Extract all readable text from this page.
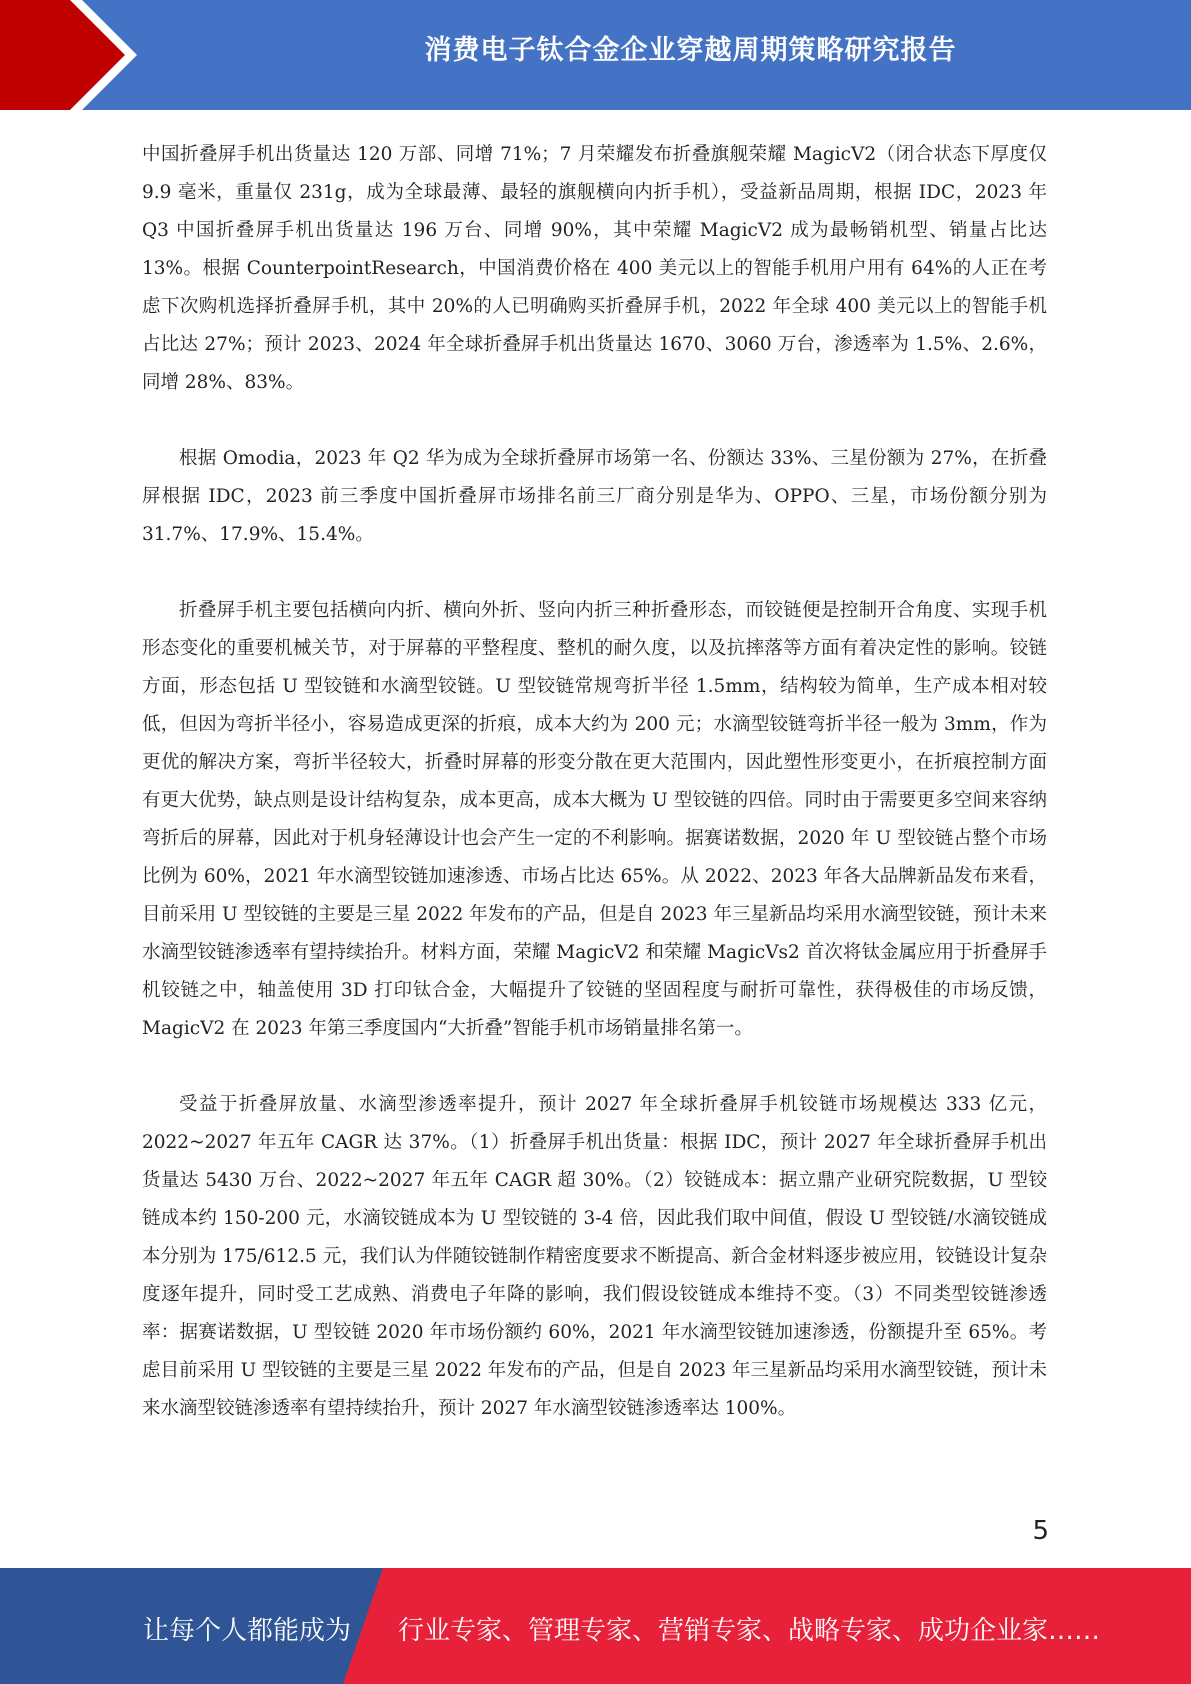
消费电子钛合金企业穿越周期策略研究报告

中国折叠屏手机出货量达 120 万部、同增 71%；7 月荣耀发布折叠旗舰荣耀 MagicV2（闭合状态下厚度仅 9.9 毫米，重量仅 231g，成为全球最薄、最轻的旗舰横向内折手机），受益新品周期，根据 IDC，2023 年 Q3 中国折叠屏手机出货量达 196 万台、同增 90%，其中荣耀 MagicV2 成为最畅销机型、销量占比达 13%。根据 CounterpointResearch，中国消费价格在 400 美元以上的智能手机用户用有 64%的人正在考虑下次购机选择折叠屏手机，其中 20%的人已明确购买折叠屏手机，2022 年全球 400 美元以上的智能手机占比达 27%；预计 2023、2024 年全球折叠屏手机出货量达 1670、3060 万台，渗透率为 1.5%、2.6%，同增 28%、83%。

根据 Omodia，2023 年 Q2 华为成为全球折叠屏市场第一名、份额达 33%、三星份额为 27%，在折叠屏根据 IDC，2023 前三季度中国折叠屏市场排名前三厂商分别是华为、OPPO、三星，市场份额分别为 31.7%、17.9%、15.4%。

折叠屏手机主要包括横向内折、横向外折、竖向内折三种折叠形态，而铰链便是控制开合角度、实现手机形态变化的重要机械关节，对于屏幕的平整程度、整机的耐久度，以及抗摔落等方面有着决定性的影响。铰链方面，形态包括 U 型铰链和水滴型铰链。U 型铰链常规弯折半径 1.5mm，结构较为简单，生产成本相对较低，但因为弯折半径小，容易造成更深的折痕，成本大约为 200 元；水滴型铰链弯折半径一般为 3mm，作为更优的解决方案，弯折半径较大，折叠时屏幕的形变分散在更大范围内，因此塑性形变更小，在折痕控制方面有更大优势，缺点则是设计结构复杂，成本更高，成本大概为 U 型铰链的四倍。同时由于需要更多空间来容纳弯折后的屏幕，因此对于机身轻薄设计也会产生一定的不利影响。据赛诺数据，2020 年 U 型铰链占整个市场比例为 60%，2021 年水滴型铰链加速渗透、市场占比达 65%。从 2022、2023 年各大品牌新品发布来看，目前采用 U 型铰链的主要是三星 2022 年发布的产品，但是自 2023 年三星新品均采用水滴型铰链，预计未来水滴型铰链渗透率有望持续抬升。材料方面，荣耀 MagicV2 和荣耀 MagicVs2 首次将钛金属应用于折叠屏手机铰链之中，轴盖使用 3D 打印钛合金，大幅提升了铰链的坚固程度与耐折可靠性，获得极佳的市场反馈，MagicV2 在 2023 年第三季度国内“大折叠”智能手机市场销量排名第一。

受益于折叠屏放量、水滴型渗透率提升，预计 2027 年全球折叠屏手机铰链市场规模达 333 亿元，2022~2027 年五年 CAGR 达 37%。（1）折叠屏手机出货量：根据 IDC，预计 2027 年全球折叠屏手机出货量达 5430 万台、2022~2027 年五年 CAGR 超 30%。（2）铰链成本：据立鼎产业研究院数据，U 型铰链成本约 150-200 元，水滴铰链成本为 U 型铰链的 3-4 倍，因此我们取中间值，假设 U 型铰链/水滴铰链成本分别为 175/612.5 元，我们认为伴随铰链制作精密度要求不断提高、新合金材料逐步被应用，铰链设计复杂度逐年提升，同时受工艺成熟、消费电子年降的影响，我们假设铰链成本维持不变。（3）不同类型铰链渗透率：据赛诺数据，U 型铰链 2020 年市场份额约 60%，2021 年水滴型铰链加速渗透，份额提升至 65%。考虑目前采用 U 型铰链的主要是三星 2022 年发布的产品，但是自 2023 年三星新品均采用水滴型铰链，预计未来水滴型铰链渗透率有望持续抬升，预计 2027 年水滴型铰链渗透率达 100%。

5
让每个人都能成为 行业专家、管理专家、营销专家、战略专家、成功企业家……
